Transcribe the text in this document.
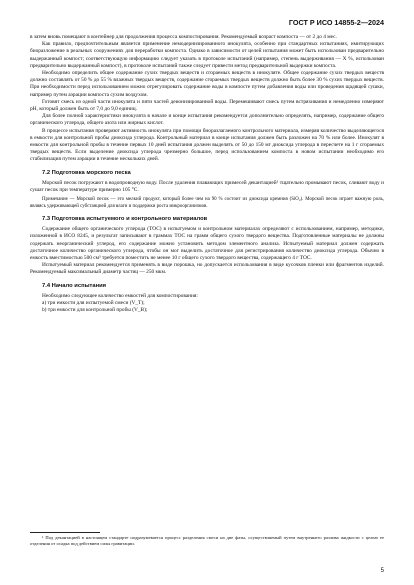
ГОСТ Р ИСО 14855-2—2024

в затем вновь помещают в контейнер для продолжения процесса компостирования. Рекомендуемый возраст компоста — от 2 до 4 мес.

Как правило, предпочтительным является применение немодернизированного инокулята, особенно при стандартных испытаниях, имитирующих биоразложение в реальных сооружениях для переработки компоста. Однако в зависимости от целей испытания может быть использован предварительно выдержанный компост; соответствующую информацию следует указать в протоколе испытаний (например, степень выдерживания — X %, использован предварительно выдержанный компост), в протоколе испытаний также следует привести метод предварительной выдержки компоста.

Необходимо определить общее содержание сухих твердых веществ и сгораемых веществ в инокуляте. Общее содержание сухих твердых веществ должно составлять от 50 % до 55 % влажных твердых веществ, содержание сгораемых твердых веществ должно быть более 30 % сухих твердых веществ. При необходимости перед использованием можно отрегулировать содержание воды в компосте путем добавления воды или проведения щадящей сушки, например путем аэрации компоста сухим воздухом.

Готовят смесь из одной части инокулята и пяти частей деионизированной воды. Перемешивают смесь путем встряхивания и немедленно измеряют pH, который должен быть от 7,0 до 9,0 единиц.

Для более полной характеристики инокулята в начале и конце испытания рекомендуется дополнительно определять, например, содержание общего органического углерода, общего азота или жирных кислот.

В процессе испытания проверяют активность инокулята при помощи биоразлагаемого контрольного материала, измеряя количество выделяющегося в емкости для контрольной пробы диоксида углерода. Контрольный материал в конце испытания должен быть разложен на 70 % или более. Инокулят в емкости для контрольной пробы в течение первых 10 дней испытания должен выделять от 50 до 150 мг диоксида углерода в пересчете на 1 г сгораемых твердых веществ. Если выделение диоксида углерода чрезмерно большое, перед использованием компоста в новом испытании необходимо его стабилизация путем аэрации в течение нескольких дней.

7.2 Подготовка морского песка

Морской песок погружают в водопроводную воду. После удаления плавающих примесей декантацией¹ тщательно промывают песок, сливают воду и сушат песок при температуре примерно 105 °С.

Примечание — Морской песок — это мелкий продукт, который более чем на 90 % состоит из диоксида кремния (SiO₂). Морской песок играет важную роль, являясь удерживающей субстанцией для влаги и поддержки роста микроорганизмов.

7.3 Подготовка испытуемого и контрольного материалов

Содержание общего органического углерода (ТОС) в испытуемом и контрольном материалах определяют с использованием, например, методики, изложенной в ИСО 8245, и результат записывают в граммах ТОС на грамм общего сухого твердого вещества. Подготовленные материалы не должны содержать неорганический углерод, его содержание можно установить методом элементного анализа. Испытуемый материал должен содержать достаточное количество органического углерода, чтобы он мог выделить достаточное для регистрирования количество диоксида углерода. Обычно в емкость вместимостью 500 см³ требуется поместить не менее 10 г общего сухого твердого вещества, содержащего 4 г ТОС.

Испытуемый материал рекомендуется применять в виде порошка, но допускается использования в виде кусочков пленки или фрагментов изделий. Рекомендуемый максимальный диаметр частиц — 250 мкм.

7.4 Начало испытания

Необходимо следующее количество емкостей для компостирования:

a) три емкости для испытуемой смеси (V_T);
b) три емкости для контрольной пробы (V_B);
¹ Под декантацией в настоящем стандарте подразумевается процесс разделения смеси на две фазы, осуществляемый путем внутреннего разлива жидкости с целью ее отделения от осадка под действием силы гравитации.
5
